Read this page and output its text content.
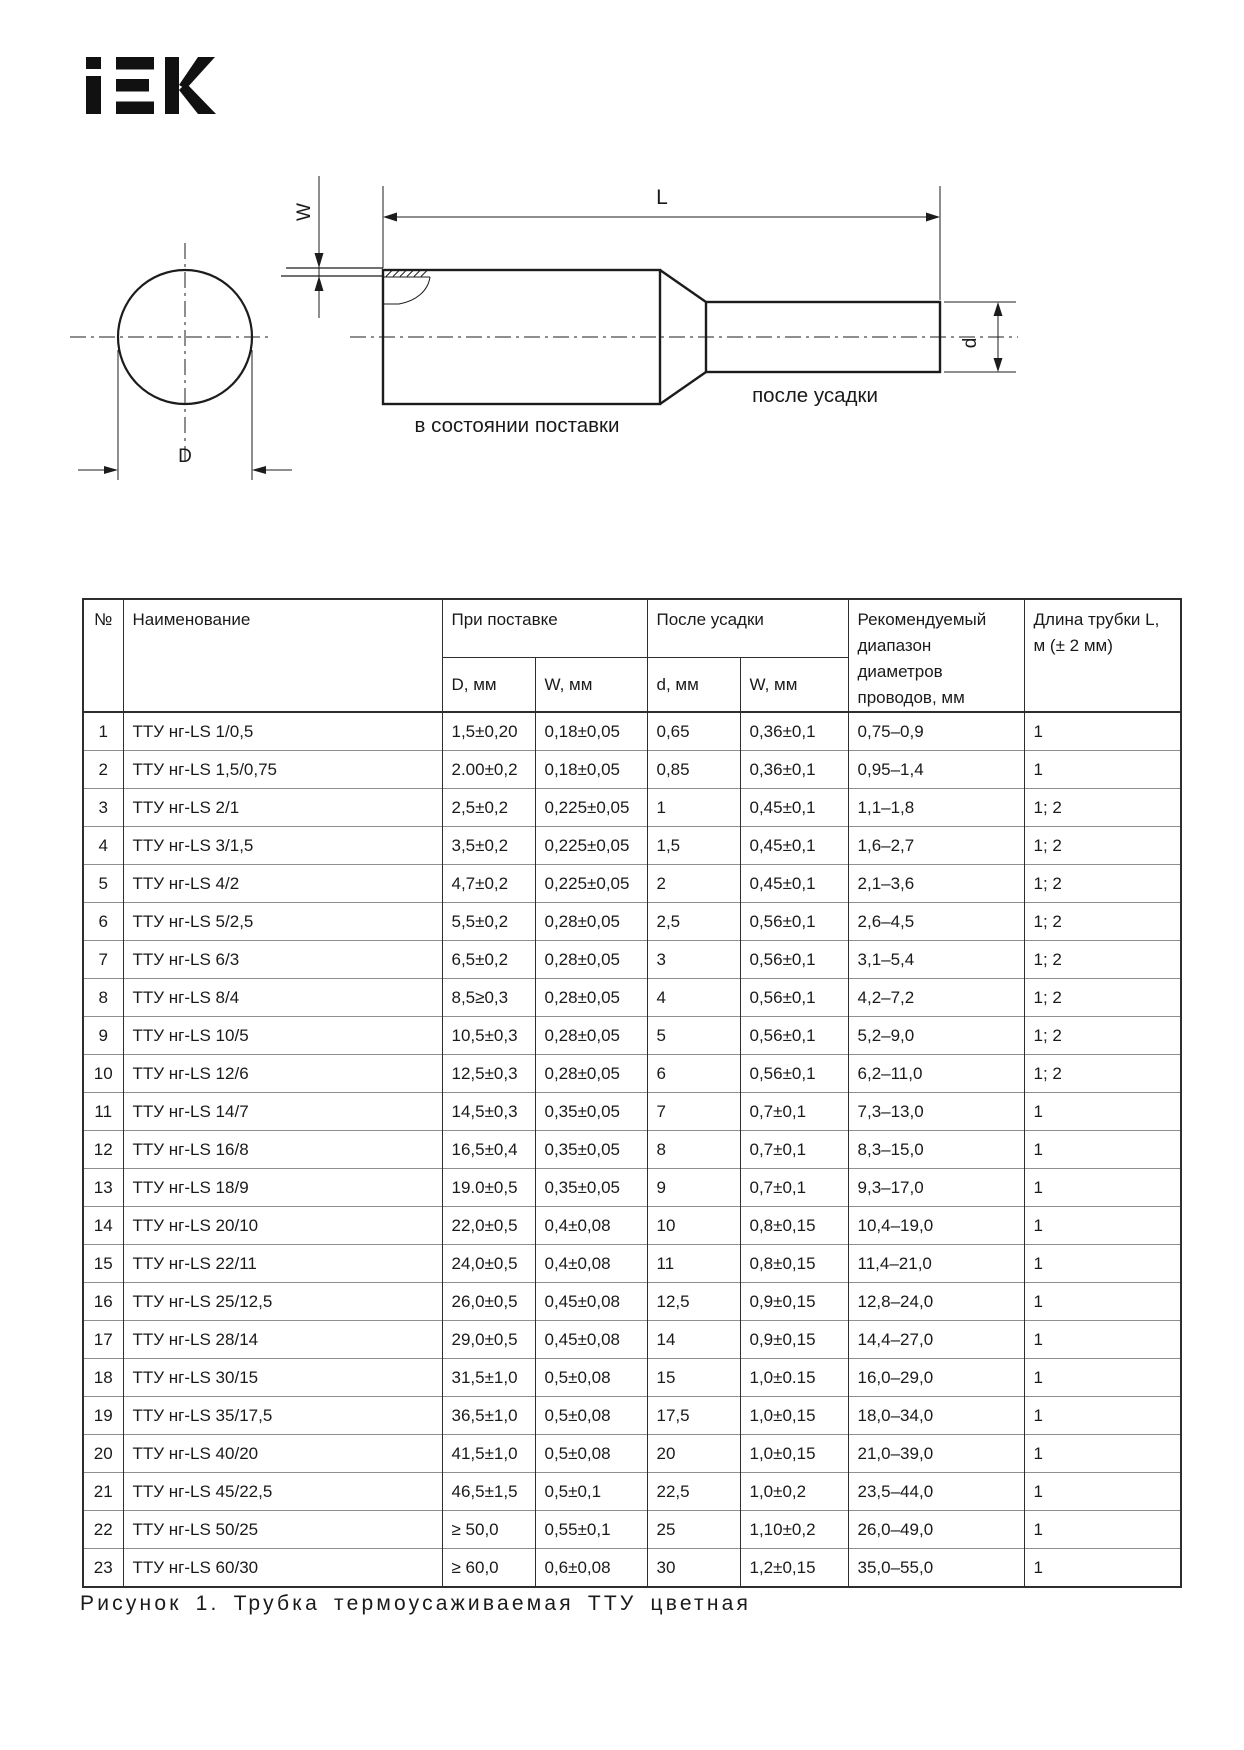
L
W
D
d
после усадки
в состоянии поставки
№	Наименование	При поставке		После усадки		Рекомендуемый диапазон диаметров проводов, мм	Длина трубки L, м (± 2 мм)
		D, мм	W, мм	d, мм	W, мм		
1	ТТУ нг-LS 1/0,5	1,5±0,20	0,18±0,05	0,65	0,36±0,1	0,75–0,9	1
2	ТТУ нг-LS 1,5/0,75	2.00±0,2	0,18±0,05	0,85	0,36±0,1	0,95–1,4	1
3	ТТУ нг-LS 2/1	2,5±0,2	0,225±0,05	1	0,45±0,1	1,1–1,8	1; 2
4	ТТУ нг-LS 3/1,5	3,5±0,2	0,225±0,05	1,5	0,45±0,1	1,6–2,7	1; 2
5	ТТУ нг-LS 4/2	4,7±0,2	0,225±0,05	2	0,45±0,1	2,1–3,6	1; 2
6	ТТУ нг-LS 5/2,5	5,5±0,2	0,28±0,05	2,5	0,56±0,1	2,6–4,5	1; 2
7	ТТУ нг-LS 6/3	6,5±0,2	0,28±0,05	3	0,56±0,1	3,1–5,4	1; 2
8	ТТУ нг-LS 8/4	8,5≥0,3	0,28±0,05	4	0,56±0,1	4,2–7,2	1; 2
9	ТТУ нг-LS 10/5	10,5±0,3	0,28±0,05	5	0,56±0,1	5,2–9,0	1; 2
10	ТТУ нг-LS 12/6	12,5±0,3	0,28±0,05	6	0,56±0,1	6,2–11,0	1; 2
11	ТТУ нг-LS 14/7	14,5±0,3	0,35±0,05	7	0,7±0,1	7,3–13,0	1
12	ТТУ нг-LS 16/8	16,5±0,4	0,35±0,05	8	0,7±0,1	8,3–15,0	1
13	ТТУ нг-LS 18/9	19.0±0,5	0,35±0,05	9	0,7±0,1	9,3–17,0	1
14	ТТУ нг-LS 20/10	22,0±0,5	0,4±0,08	10	0,8±0,15	10,4–19,0	1
15	ТТУ нг-LS 22/11	24,0±0,5	0,4±0,08	11	0,8±0,15	11,4–21,0	1
16	ТТУ нг-LS 25/12,5	26,0±0,5	0,45±0,08	12,5	0,9±0,15	12,8–24,0	1
17	ТТУ нг-LS 28/14	29,0±0,5	0,45±0,08	14	0,9±0,15	14,4–27,0	1
18	ТТУ нг-LS 30/15	31,5±1,0	0,5±0,08	15	1,0±0.15	16,0–29,0	1
19	ТТУ нг-LS 35/17,5	36,5±1,0	0,5±0,08	17,5	1,0±0,15	18,0–34,0	1
20	ТТУ нг-LS 40/20	41,5±1,0	0,5±0,08	20	1,0±0,15	21,0–39,0	1
21	ТТУ нг-LS 45/22,5	46,5±1,5	0,5±0,1	22,5	1,0±0,2	23,5–44,0	1
22	ТТУ нг-LS 50/25	≥ 50,0	0,55±0,1	25	1,10±0,2	26,0–49,0	1
23	ТТУ нг-LS 60/30	≥ 60,0	0,6±0,08	30	1,2±0,15	35,0–55,0	1
Рисунок 1. Трубка термоусаживаемая ТТУ цветная
